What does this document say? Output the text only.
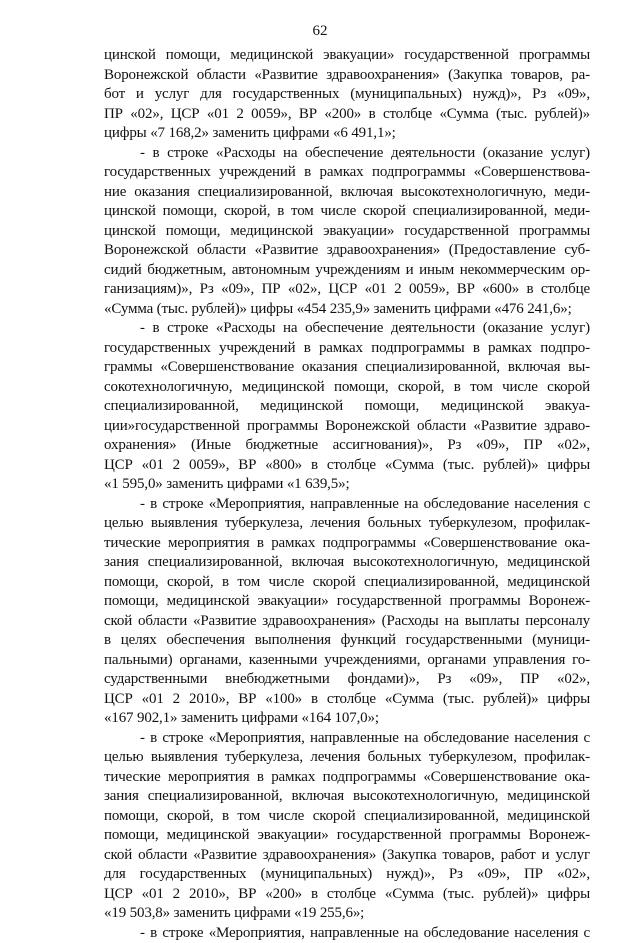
62
цинской помощи, медицинской эвакуации» государственной программы
Воронежской области «Развитие здравоохранения» (Закупка товаров, ра-
бот и услуг для государственных (муниципальных) нужд)», Рз «09»,
ПР «02», ЦСР «01 2 0059», ВР «200» в столбце «Сумма (тыс. рублей)»
цифры «7 168,2» заменить цифрами «6 491,1»;
- в строке «Расходы на обеспечение деятельности (оказание услуг)
государственных учреждений в рамках подпрограммы «Совершенствова-
ние оказания специализированной, включая высокотехнологичную, меди-
цинской помощи, скорой, в том числе скорой специализированной, меди-
цинской помощи, медицинской эвакуации» государственной программы
Воронежской области «Развитие здравоохранения» (Предоставление суб-
сидий бюджетным, автономным учреждениям и иным некоммерческим ор-
ганизациям)», Рз «09», ПР «02», ЦСР «01 2 0059», ВР «600» в столбце
«Сумма (тыс. рублей)» цифры «454 235,9» заменить цифрами «476 241,6»;
- в строке «Расходы на обеспечение деятельности (оказание услуг)
государственных учреждений в рамках подпрограммы в рамках подпро-
граммы «Совершенствование оказания специализированной, включая вы-
сокотехнологичную, медицинской помощи, скорой, в том числе скорой
специализированной, медицинской помощи, медицинской эвакуа-
ции»государственной программы Воронежской области «Развитие здраво-
охранения» (Иные бюджетные ассигнования)», Рз «09», ПР «02»,
ЦСР «01 2 0059», ВР «800» в столбце «Сумма (тыс. рублей)» цифры
«1 595,0» заменить цифрами «1 639,5»;
- в строке «Мероприятия, направленные на обследование населения с
целью выявления туберкулеза, лечения больных туберкулезом, профилак-
тические мероприятия в рамках подпрограммы «Совершенствование ока-
зания специализированной, включая высокотехнологичную, медицинской
помощи, скорой, в том числе скорой специализированной, медицинской
помощи, медицинской эвакуации» государственной программы Воронеж-
ской области «Развитие здравоохранения» (Расходы на выплаты персоналу
в целях обеспечения выполнения функций государственными (муници-
пальными) органами, казенными учреждениями, органами управления го-
сударственными внебюджетными фондами)», Рз «09», ПР «02»,
ЦСР «01 2 2010», ВР «100» в столбце «Сумма (тыс. рублей)» цифры
«167 902,1» заменить цифрами «164 107,0»;
- в строке «Мероприятия, направленные на обследование населения с
целью выявления туберкулеза, лечения больных туберкулезом, профилак-
тические мероприятия в рамках подпрограммы «Совершенствование ока-
зания специализированной, включая высокотехнологичную, медицинской
помощи, скорой, в том числе скорой специализированной, медицинской
помощи, медицинской эвакуации» государственной программы Воронеж-
ской области «Развитие здравоохранения» (Закупка товаров, работ и услуг
для государственных (муниципальных) нужд)», Рз «09», ПР «02»,
ЦСР «01 2 2010», ВР «200» в столбце «Сумма (тыс. рублей)» цифры
«19 503,8» заменить цифрами «19 255,6»;
- в строке «Мероприятия, направленные на обследование населения с
